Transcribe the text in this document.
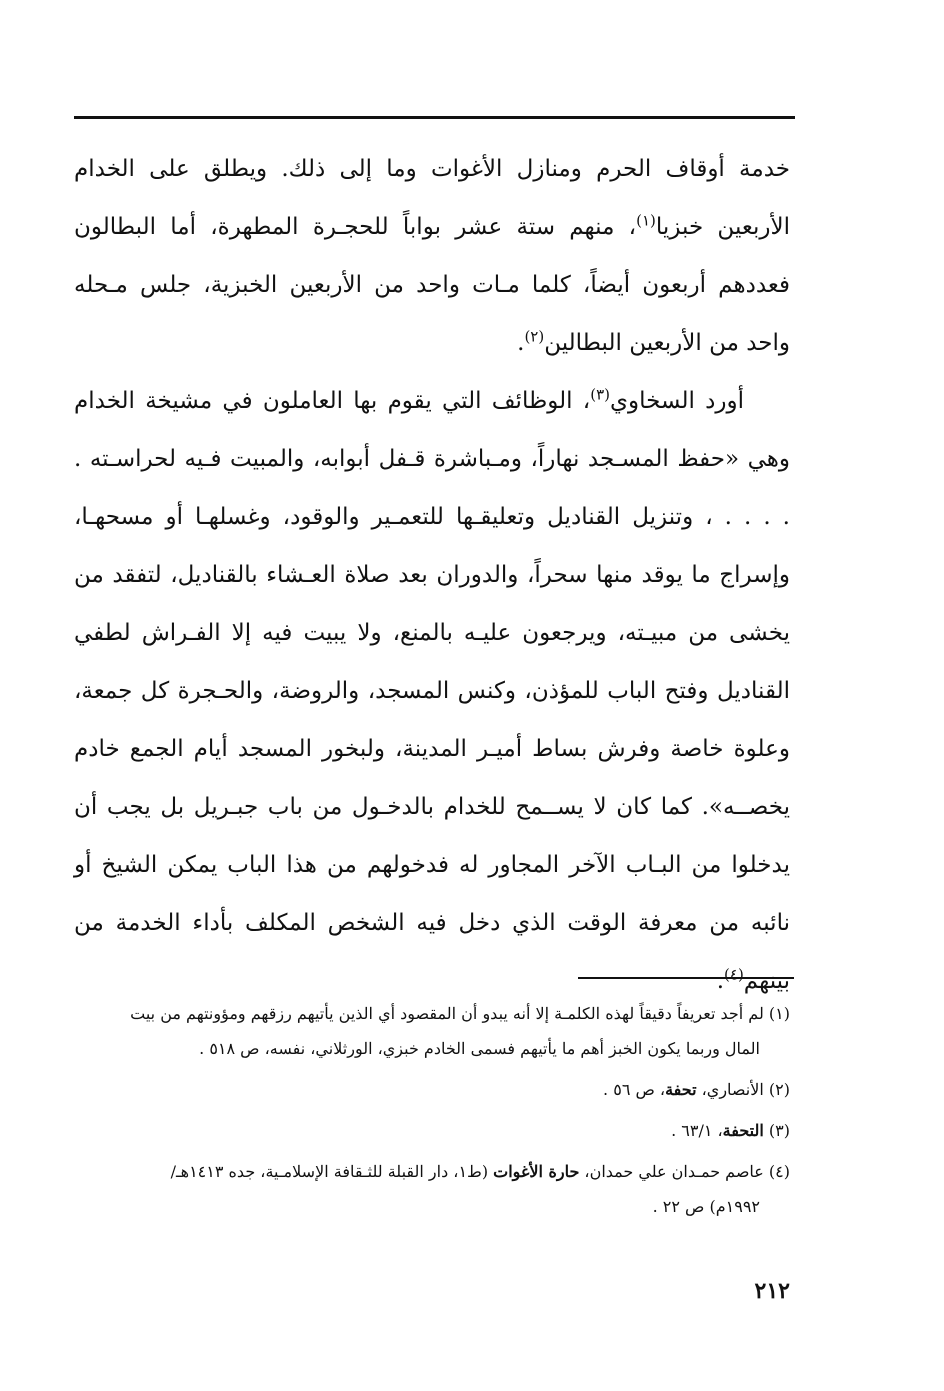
خدمة أوقاف الحرم ومنازل الأغوات وما إلى ذلك. ويطلق على الخدام الأربعين خبزيا$^{(١)}$، منهم ستة عشر بواباً للحجـرة المطهرة، أما البطالون فعددهم أربعون أيضاً، كلما مـات واحد من الأربعين الخبزية، جلس مـحله واحد من الأربعين البطالين$^{(٢)}$.

أورد السخاوي$^{(٣)}$، الوظائف التي يقوم بها العاملون في مشيخة الخدام وهي «حفظ المسـجد نهاراً، ومـباشرة قـفل أبوابه، والمبيت فـيه لحراسـته . . . . . ، وتنزيل القناديل وتعليقـها للتعمـير والوقود، وغسلهـا أو مسحهـا، وإسراج ما يوقد منها سحراً، والدوران بعد صلاة العـشاء بالقناديل، لتفقد من يخشى من مبيـته، ويرجعون عليـه بالمنع، ولا يبيت فيه إلا الفـراش لطفي القناديل وفتح الباب للمؤذن، وكنس المسجد، والروضة، والحـجرة كل جمعة، وعلوة خاصة وفرش بساط أميـر المدينة، ولبخور المسجد أيام الجمع خادم يخصــه». كما كان لا يســمح للخدام بالدخـول من باب جبـريل بل يجب أن يدخلوا من البـاب الآخر المجاور له فدخولهم من هذا الباب يمكن الشيخ أو نائبه من معرفة الوقت الذي دخل فيه الشخص المكلف بأداء الخدمة من بينهم$^{(٤)}$.

(١) لم أجد تعريفاً دقيقاً لهذه الكلمـة إلا أنه يبدو أن المقصود أي الذين يأتيهم رزقهم ومؤونتهم من بيت
المال وربما يكون الخبز أهم ما يأتيهم فسمى الخادم خبزي، الورثلاني، نفسه، ص ٥١٨ .

(٢) الأنصاري، تحفة، ص ٥٦ .

(٣) التحفة، ٦٣/١ .

(٤) عاصم حمـدان علي حمدان، حارة الأغوات (ط١، دار القبلة للثـقافة الإسلامـية، جده ١٤١٣هـ/
١٩٩٢م) ص ٢٢ .

٢١٢
